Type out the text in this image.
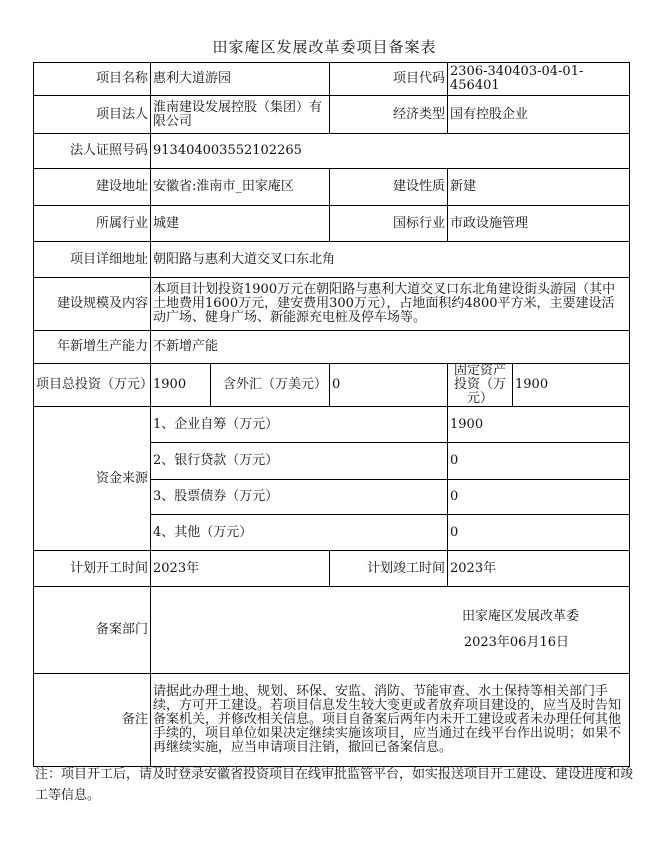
田家庵区发展改革委项目备案表
项目名称	惠利大道游园		项目代码	2306-340403-04-01-456401	
项目法人	淮南建设发展控股（集团）有限公司		经济类型	国有控股企业	
法人证照号码	913404003552102265				
建设地址	安徽省:淮南市_田家庵区		建设性质	新建	
所属行业	城建		国标行业	市政设施管理	
项目详细地址	朝阳路与惠利大道交叉口东北角				
建设规模及内容	本项目计划投资1900万元在朝阳路与惠利大道交叉口东北角建设街头游园（其中土地费用1600万元，建安费用300万元），占地面积约4800平方米，主要建设活动广场、健身广场、新能源充电桩及停车场等。				
年新增生产能力	不新增产能				
项目总投资（万元）	1900	含外汇（万美元）	0	固定资产投资（万元）	1900
资金来源	1、企业自筹（万元）			1900	
	2、银行贷款（万元）			0	
	3、股票债券（万元）			0	
	4、其他（万元）			0	
计划开工时间	2023年		计划竣工时间	2023年	
备案部门	田家庵区发展改革委
2023年06月16日				

备注	请据此办理土地、规划、环保、安监、消防、节能审查、水土保持等相关部门手续，方可开工建设。若项目信息发生较大变更或者放弃项目建设的，应当及时告知备案机关，并修改相关信息。项目自备案后两年内未开工建设或者未办理任何其他手续的，项目单位如果决定继续实施该项目，应当通过在线平台作出说明；如果不再继续实施，应当申请项目注销，撤回已备案信息。				
注：项目开工后，请及时登录安徽省投资项目在线审批监管平台，如实报送项目开工建设、建设进度和竣工等信息。
